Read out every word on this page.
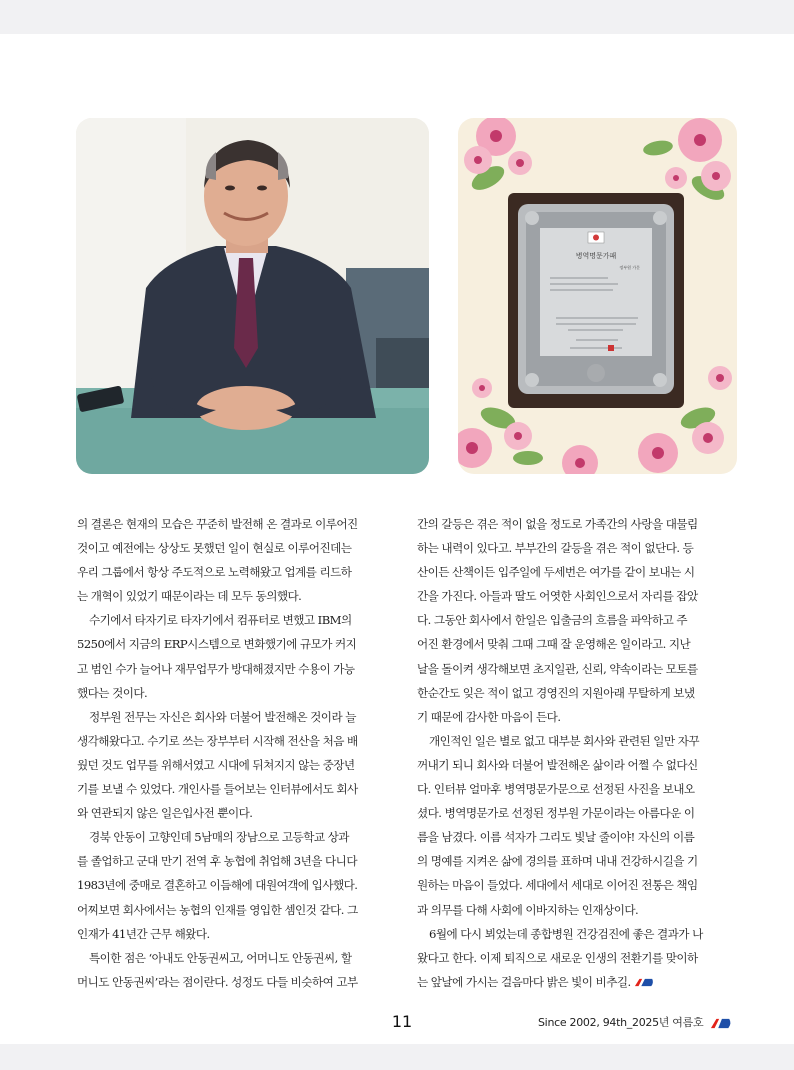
병역명문가패
정부원 가문

의 결론은 현재의 모습은 꾸준히 발전해 온 결과로 이루어진
것이고 예전에는 상상도 못했던 일이 현실로 이루어진데는
우리 그룹에서 항상 주도적으로 노력해왔고 업계를 리드하
는 개혁이 있었기 때문이라는 데 모두 동의했다.

수기에서 타자기로 타자기에서 컴퓨터로 변했고 IBM의
5250에서 지금의 ERP시스템으로 변화했기에 규모가 커지
고 범인 수가 늘어나 재무업무가 방대해졌지만 수용이 가능
했다는 것이다.

정부원 전무는 자신은 회사와 더불어 발전해온 것이라 늘
생각해왔다고. 수기로 쓰는 장부부터 시작해 전산을 처음 배
웠던 것도 업무를 위해서였고 시대에 뒤쳐지지 않는 중장년
기를 보낼 수 있었다. 개인사를 들어보는 인터뷰에서도 회사
와 연관되지 않은 일은입사전 뿐이다.

경북 안동이 고향인데 5남매의 장남으로 고등학교 상과
를 졸업하고 군대 만기 전역 후 농협에 취업해 3년을 다니다
1983년에 중매로 결혼하고 이듬해에 대원여객에 입사했다.
어찌보면 회사에서는 농협의 인재를 영입한 셈인것 같다. 그
인재가 41년간 근무 해왔다.

특이한 점은 ‘아내도 안동권씨고, 어머니도 안동권씨, 할
머니도 안동권씨’라는 점이란다. 성정도 다들 비슷하여 고부

간의 갈등은 겪은 적이 없을 정도로 가족간의 사랑을 대물림
하는 내력이 있다고. 부부간의 갈등을 겪은 적이 없단다. 등
산이든 산책이든 입주일에 두세번은 여가를 같이 보내는 시
간을 가진다. 아들과 딸도 어엿한 사회인으로서 자리를 잡았
다. 그동안 회사에서 한일은 입출금의 흐름을 파악하고 주
어진 환경에서 맞춰 그때 그때 잘 운영해온 일이라고. 지난
날을 돌이켜 생각해보면 초지일관, 신뢰, 약속이라는 모토를
한순간도 잊은 적이 없고 경영진의 지원아래 무탈하게 보냈
기 때문에 감사한 마음이 든다.

개인적인 일은 별로 없고 대부분 회사와 관련된 일만 자꾸
꺼내기 되니 회사와 더불어 발전해온 삶이라 어쩔 수 없다신
다. 인터뷰 얼마후 병역명문가문으로 선정된 사진을 보내오
셨다. 병역명문가로 선정된 정부원 가문이라는 아름다운 이
름을 남겼다. 이름 석자가 그리도 빛날 줄이야! 자신의 이름
의 명예를 지켜온 삶에 경의를 표하며 내내 건강하시길을 기
원하는 마음이 들었다. 세대에서 세대로 이어진 전통은 책임
과 의무를 다해 사회에 이바지하는 인재상이다.

6월에 다시 뵈었는데 종합병원 건강검진에 좋은 결과가 나
왔다고 한다. 이제 퇴직으로 새로운 인생의 전환기를 맞이하
는 앞날에 가시는 걸음마다 밝은 빛이 비추길.

11	Since 2002, 94th_2025년 여름호
